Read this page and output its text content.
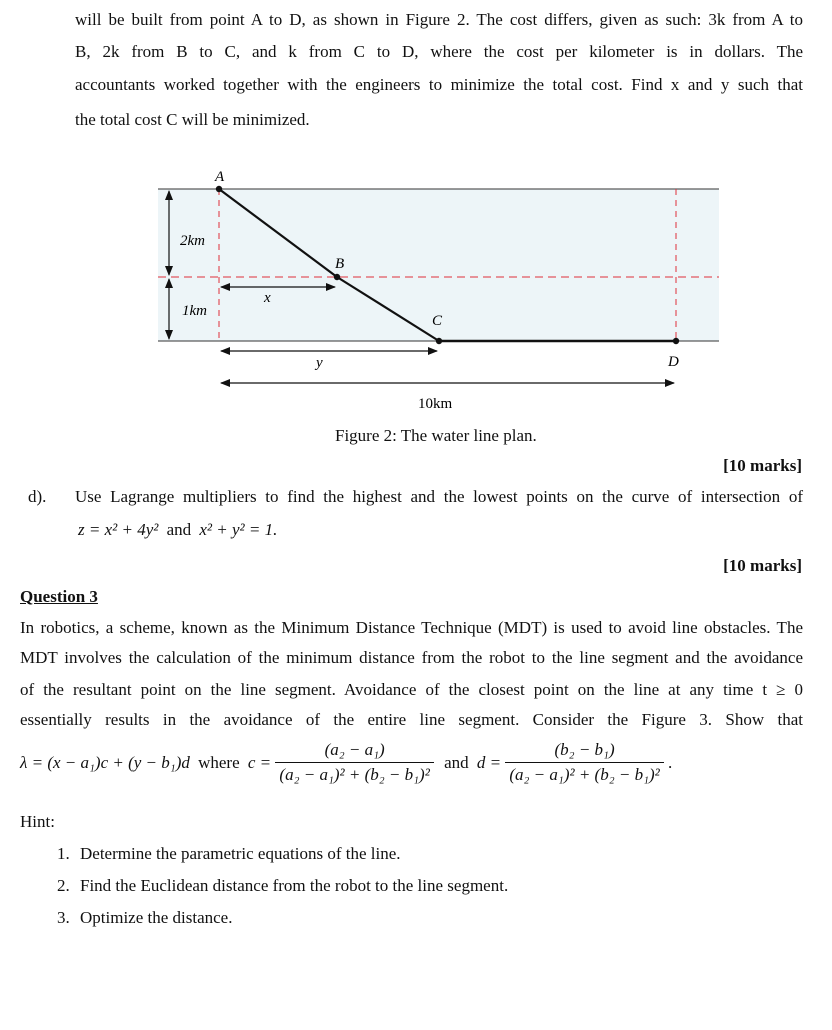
will be built from point A to D, as shown in Figure 2. The cost differs, given as such: 3k from A to
B, 2k from B to C, and k from C to D, where the cost per kilometer is in dollars. The
accountants worked together with the engineers to minimize the total cost. Find x and y such that
the total cost C will be minimized.
A
B
C
D
2km
1km
x
y
10km
Figure 2: The water line plan.
[10 marks]
d). Use Lagrange multipliers to find the highest and the lowest points on the curve of intersection of
z = x² + 4y² and x² + y² = 1.
[10 marks]
Question 3
In robotics, a scheme, known as the Minimum Distance Technique (MDT) is used to avoid line obstacles. The
MDT involves the calculation of the minimum distance from the robot to the line segment and the avoidance
of the resultant point on the line segment. Avoidance of the closest point on the line at any time t ≥ 0
essentially results in the avoidance of the entire line segment. Consider the Figure 3. Show that
λ = (x − a₁)c + (y − b₁)d where $c = \frac{\text{(a₂ − a₁)}}{\text{(a₂ − a₁)² + (b₂ − b₁)²}}$ and $d = \frac{\text{(b₂ − b₁)}}{\text{(a₂ − a₁)² + (b₂ − b₁)²}}$ .
Hint:
1. Determine the parametric equations of the line.
2. Find the Euclidean distance from the robot to the line segment.
3. Optimize the distance.
